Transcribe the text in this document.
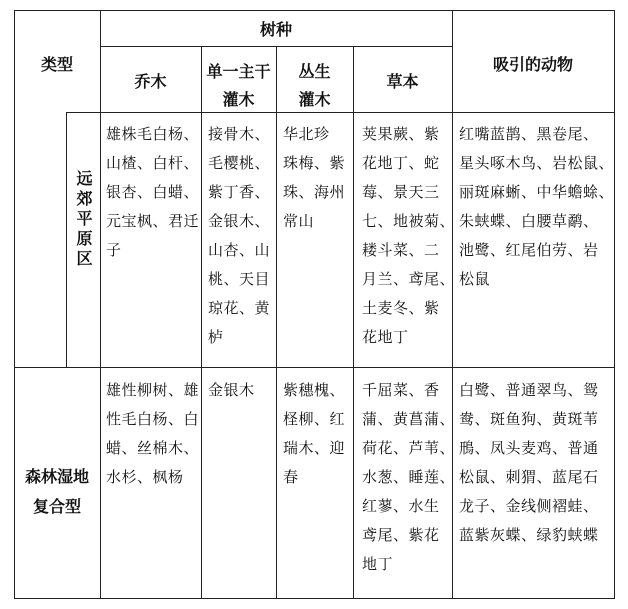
类型
树种
吸引的动物
乔木
单一主干
灌木
丛生
灌木
草本
远郊平原区
雄株毛白杨、
山楂、白杆、
银杏、白蜡、
元宝枫、君迁
子
接骨木、
毛樱桃、
紫丁香、
金银木、
山杏、山
桃、天目
琼花、黄
栌
华北珍
珠梅、紫
珠、海州
常山
荚果蕨、紫
花地丁、蛇
莓、景天三
七、地被菊、
耧斗菜、二
月兰、鸢尾、
土麦冬、紫
花地丁
红嘴蓝鹊、黑卷尾、
星头啄木鸟、岩松鼠、
丽斑麻蜥、中华蟾蜍、
朱蛱蝶、白腰草鹬、
池鹭、红尾伯劳、岩
松鼠
森林湿地复合型
雄性柳树、雄
性毛白杨、白
蜡、丝棉木、
水杉、枫杨
金银木 紫穗槐、
柽柳、红
瑞木、迎
春
千屈菜、香
蒲、黄菖蒲、
荷花、芦苇、
水葱、睡莲、
红蓼、水生
鸢尾、紫花
地丁
白鹭、普通翠鸟、鸳
鸯、斑鱼狗、黄斑苇
鳽、凤头麦鸡、普通
松鼠、刺猬、蓝尾石
龙子、金线侧褶蛙、
蓝紫灰蝶、绿豹蛱蝶
